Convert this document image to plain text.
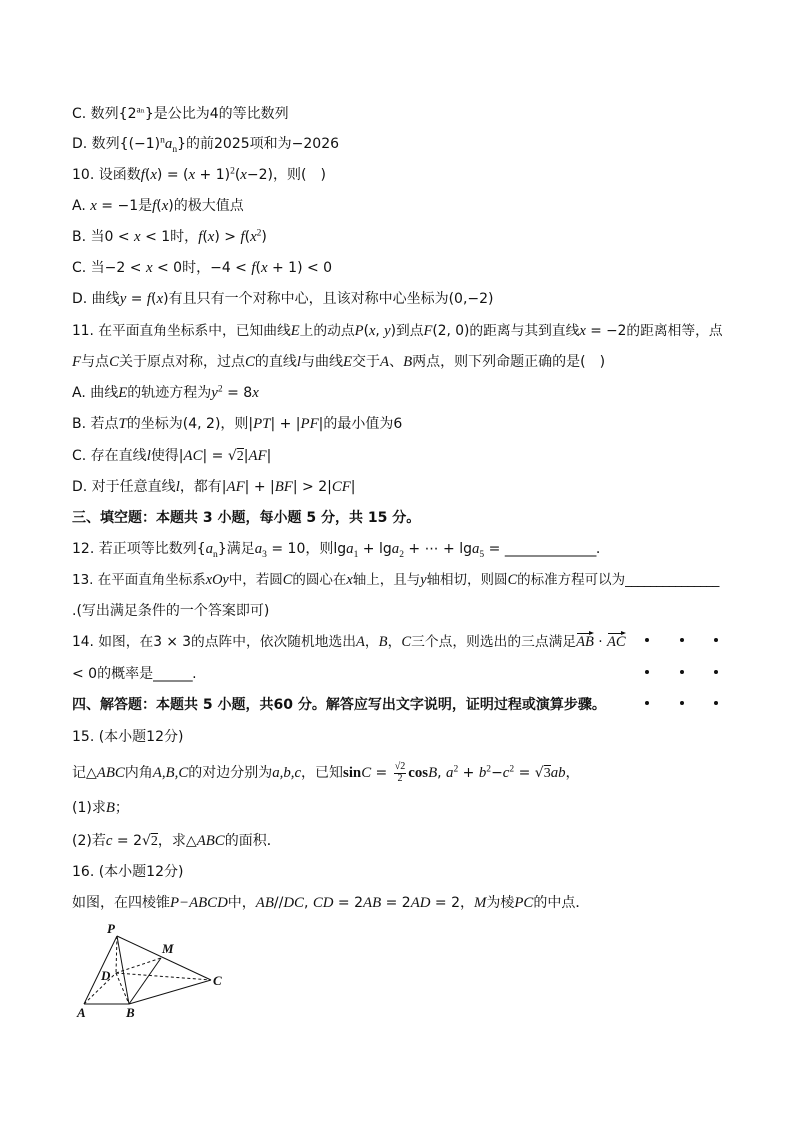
C. 数列$\{2^{a_n}\}$是公比为4的等比数列
D. 数列$\{(-1)^na_n\}$的前2025项和为−2026
10. 设函数$f(x) = (x + 1)^2(x-2)$，则(　)
A. x = −1是f(x)的极大值点
B. 当0 < x < 1时，$f(x) > f(x^2)$
C. 当−2 < x < 0时，−4 < f(x + 1) < 0
D. 曲线y = f(x)有且只有一个对称中心，且该对称中心坐标为(0,−2)
11. 在平面直角坐标系中，已知曲线E上的动点P(x, y)到点F(2, 0)的距离与其到直线x = −2的距离相等，点
F与点C关于原点对称，过点C的直线l与曲线E交于A、B两点，则下列命题正确的是(　)
A. 曲线E的轨迹方程为$y^2 = 8x$
B. 若点T的坐标为(4, 2)，则|PT| + |PF|的最小值为6
C. 存在直线l使得|AC| = √2|AF|
D. 对于任意直线l，都有|AF| + |BF| > 2|CF|
三、填空题：本题共 3 小题，每小题 5 分，共 15 分。
12. 若正项等比数列$\{a_n\}$满足$a_3 = 10$，则lga$_1$ + lga$_2$ + ⋯ + lga$_5$ = ______________.
13. 在平面直角坐标系xOy中，若圆C的圆心在x轴上，且与y轴相切，则圆C的标准方程可以为_______________
.(写出满足条件的一个答案即可)
14. 如图，在3 × 3的点阵中，依次随机地选出A，B，C三个点，则选出的三点满足AB · AC
< 0的概率是______.
四、解答题：本题共 5 小题，共60 分。解答应写出文字说明，证明过程或演算步骤。
15. (本小题12分)
记△ABC内角A,B,C的对边分别为a,b,c，已知$\sin C = \frac{√2}{2} \cos B$, $a^2 + b^2-c^2 = √3ab$，
(1)求B；
(2)若c = 2√2，求△ABC的面积．
16. (本小题12分)
如图，在四棱锥P−ABCD中，AB//DC, CD = 2AB = 2AD = 2，M为棱PC的中点．
P
M
D	C
A	B
